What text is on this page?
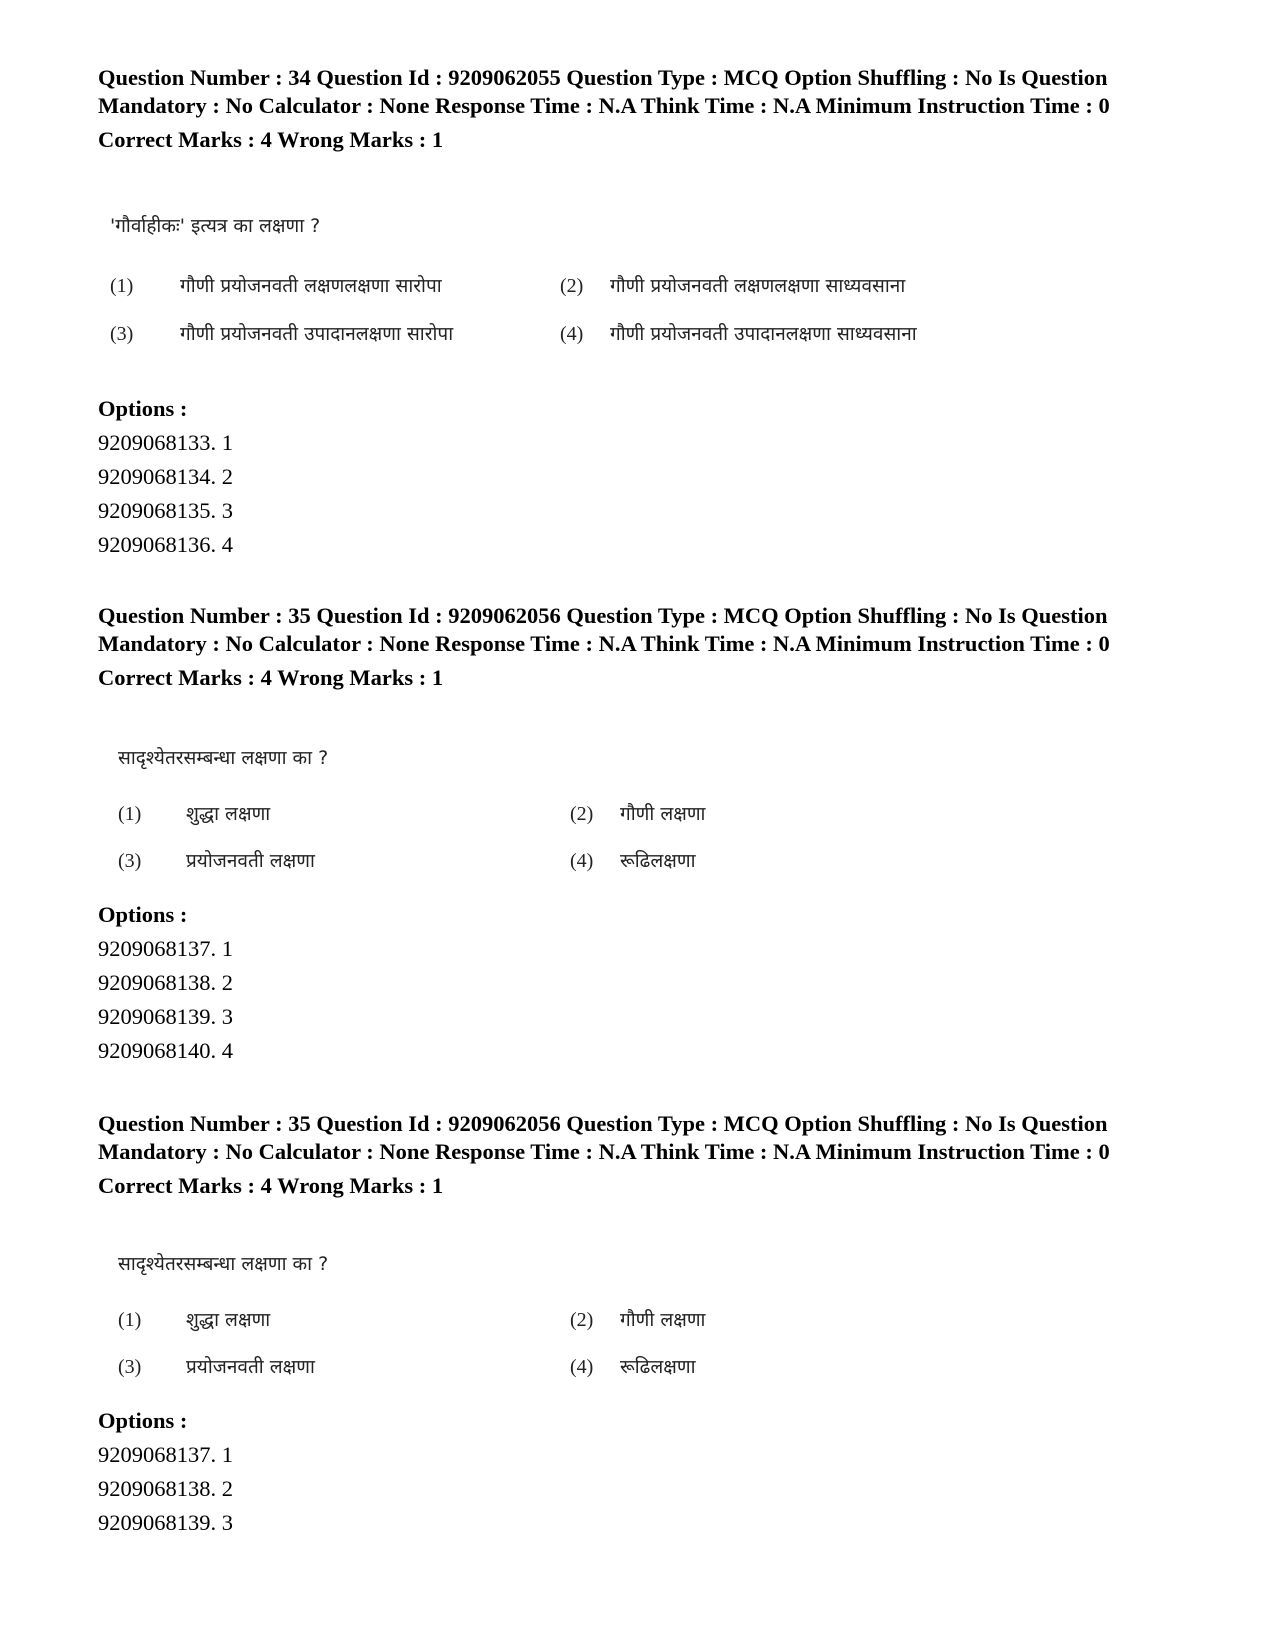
Question Number : 34 Question Id : 9209062055 Question Type : MCQ Option Shuffling : No Is Question Mandatory : No Calculator : None Response Time : N.A Think Time : N.A Minimum Instruction Time : 0

Correct Marks : 4 Wrong Marks : 1
'गौर्वाहीकः' इत्यत्र का लक्षणा ?
(1) गौणी प्रयोजनवती लक्षणलक्षणा सारोपा	(2) गौणी प्रयोजनवती लक्षणलक्षणा साध्यवसाना
(3) गौणी प्रयोजनवती उपादानलक्षणा सारोपा	(4) गौणी प्रयोजनवती उपादानलक्षणा साध्यवसाना
Options :
9209068133. 1
9209068134. 2
9209068135. 3
9209068136. 4

Question Number : 35 Question Id : 9209062056 Question Type : MCQ Option Shuffling : No Is Question Mandatory : No Calculator : None Response Time : N.A Think Time : N.A Minimum Instruction Time : 0

Correct Marks : 4 Wrong Marks : 1
सादृश्येतरसम्बन्धा लक्षणा का ?
(1) शुद्धा लक्षणा	(2) गौणी लक्षणा
(3) प्रयोजनवती लक्षणा	(4) रूढिलक्षणा
Options :
9209068137. 1
9209068138. 2
9209068139. 3
9209068140. 4

Question Number : 35 Question Id : 9209062056 Question Type : MCQ Option Shuffling : No Is Question Mandatory : No Calculator : None Response Time : N.A Think Time : N.A Minimum Instruction Time : 0

Correct Marks : 4 Wrong Marks : 1
सादृश्येतरसम्बन्धा लक्षणा का ?
(1) शुद्धा लक्षणा	(2) गौणी लक्षणा
(3) प्रयोजनवती लक्षणा	(4) रूढिलक्षणा
Options :
9209068137. 1
9209068138. 2
9209068139. 3
